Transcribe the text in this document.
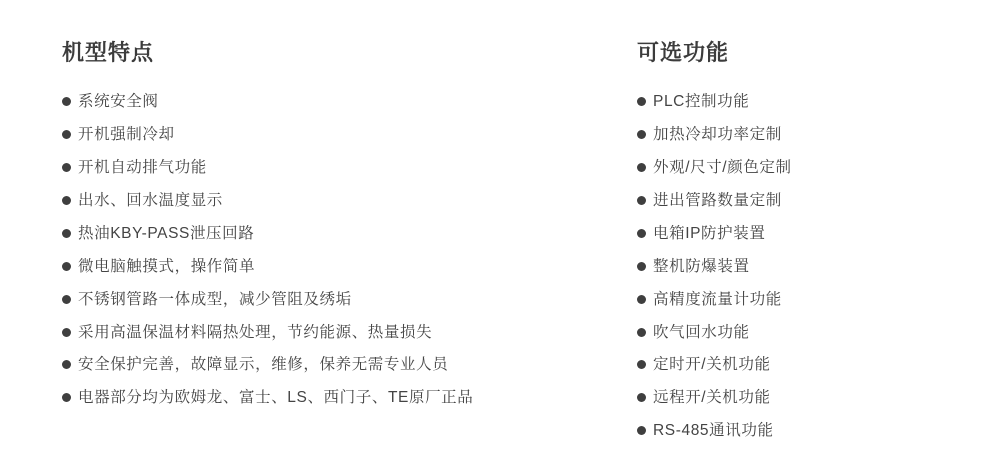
机型特点
系统安全阀
开机强制冷却
开机自动排气功能
出水、回水温度显示
热油KBY-PASS泄压回路
微电脑触摸式，操作简单
不锈钢管路一体成型，减少管阻及绣垢
采用高温保温材料隔热处理，节约能源、热量损失
安全保护完善，故障显示，维修，保养无需专业人员
电器部分均为欧姆龙、富士、LS、西门子、TE原厂正品
可选功能
PLC控制功能
加热冷却功率定制
外观/尺寸/颜色定制
进出管路数量定制
电箱IP防护装置
整机防爆装置
高精度流量计功能
吹气回水功能
定时开/关机功能
远程开/关机功能
RS-485通讯功能
